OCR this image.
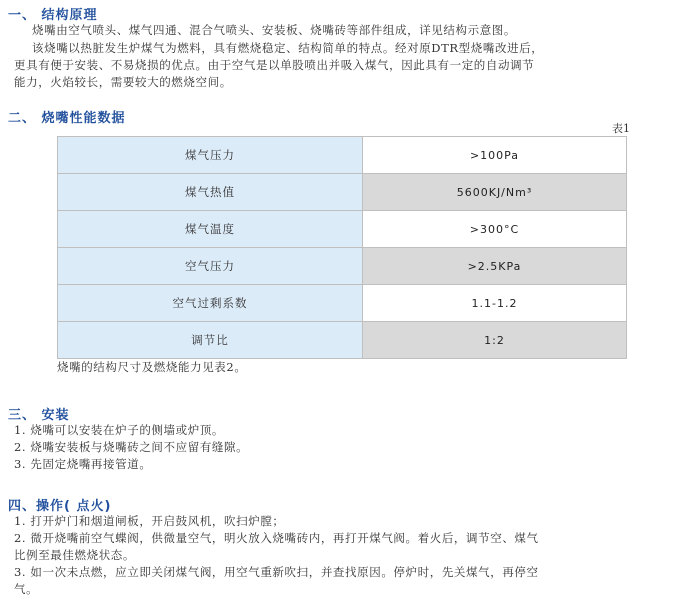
一、 结构原理
烧嘴由空气喷头、煤气四通、混合气喷头、安装板、烧嘴砖等部件组成，详见结构示意图。
该烧嘴以热脏发生炉煤气为燃料，具有燃烧稳定、结构简单的特点。经对原DTR型烧嘴改进后，
更具有便于安装、不易烧损的优点。由于空气是以单股喷出并吸入煤气，因此具有一定的自动调节
能力，火焰较长，需要较大的燃烧空间。
二、 烧嘴性能数据
表1
煤气压力	>100Pa
煤气热值	5600KJ/Nm³
煤气温度	>300°C
空气压力	>2.5KPa
空气过剩系数	1.1-1.2
调节比	1:2
烧嘴的结构尺寸及燃烧能力见表2。
三、 安装
1. 烧嘴可以安装在炉子的侧墙或炉顶。
2. 烧嘴安装板与烧嘴砖之间不应留有缝隙。
3. 先固定烧嘴再接管道。
四、操作( 点火)
1. 打开炉门和烟道闸板，开启鼓风机，吹扫炉膛；
2. 微开烧嘴前空气蝶阀，供微量空气，明火放入烧嘴砖内，再打开煤气阀。着火后，调节空、煤气
比例至最佳燃烧状态。
3. 如一次未点燃，应立即关闭煤气阀，用空气重新吹扫，并查找原因。停炉时，先关煤气，再停空
气。
